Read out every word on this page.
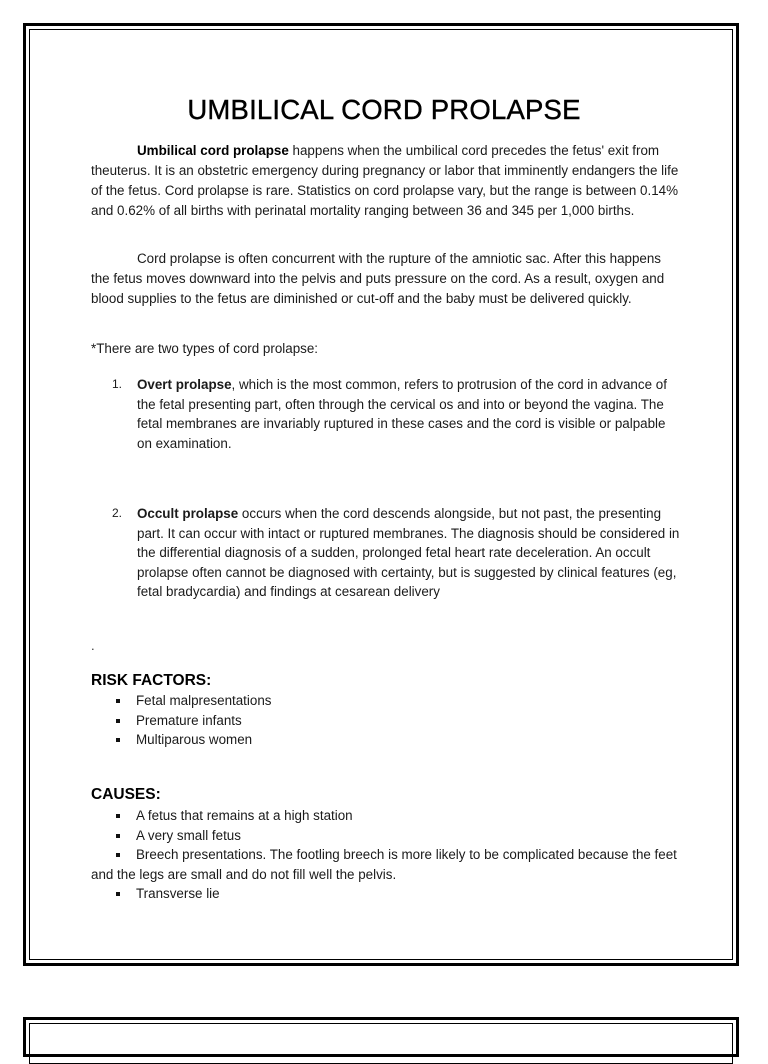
UMBILICAL CORD PROLAPSE

Umbilical cord prolapse happens when the umbilical cord precedes the fetus' exit from theuterus. It is an obstetric emergency during pregnancy or labor that imminently endangers the life of the fetus. Cord prolapse is rare. Statistics on cord prolapse vary, but the range is between 0.14% and 0.62% of all births with perinatal mortality ranging between 36 and 345 per 1,000 births.

Cord prolapse is often concurrent with the rupture of the amniotic sac. After this happens the fetus moves downward into the pelvis and puts pressure on the cord. As a result, oxygen and blood supplies to the fetus are diminished or cut-off and the baby must be delivered quickly.

*There are two types of cord prolapse:

1.	Overt prolapse, which is the most common, refers to protrusion of the cord in advance of the fetal presenting part, often through the cervical os and into or beyond the vagina. The fetal membranes are invariably ruptured in these cases and the cord is visible or palpable on examination.
2.	Occult prolapse occurs when the cord descends alongside, but not past, the presenting part. It can occur with intact or ruptured membranes. The diagnosis should be considered in the differential diagnosis of a sudden, prolonged fetal heart rate deceleration. An occult prolapse often cannot be diagnosed with certainty, but is suggested by clinical features (eg, fetal bradycardia) and findings at cesarean delivery
.
RISK FACTORS:
Fetal malpresentations
Premature infants
Multiparous women
CAUSES:
A fetus that remains at a high station
A very small fetus
Breech presentations. The footling breech is more likely to be complicated because the feet and the legs are small and do not fill well the pelvis.
Transverse lie
